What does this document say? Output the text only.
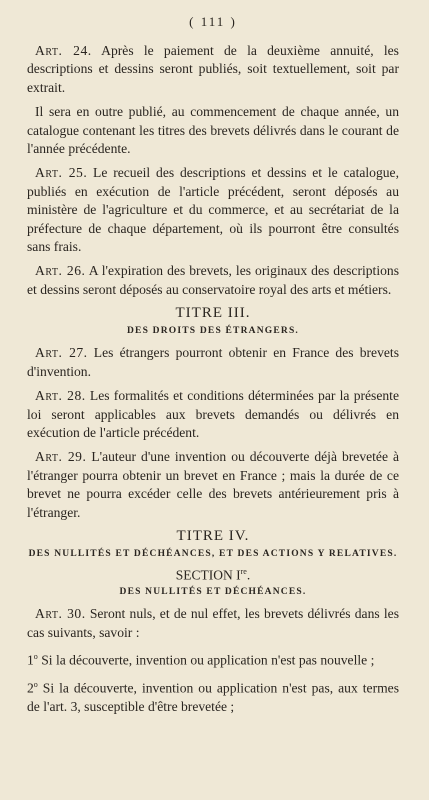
( 111 )

Art. 24. Après le paiement de la deuxième annuité, les descriptions et dessins seront publiés, soit textuellement, soit par extrait.

Il sera en outre publié, au commencement de chaque année, un catalogue contenant les titres des brevets délivrés dans le courant de l'année précédente.

Art. 25. Le recueil des descriptions et dessins et le catalogue, publiés en exécution de l'article précédent, seront déposés au ministère de l'agriculture et du commerce, et au secrétariat de la préfecture de chaque département, où ils pourront être consultés sans frais.

Art. 26. A l'expiration des brevets, les originaux des descriptions et dessins seront déposés au conservatoire royal des arts et métiers.

TITRE III.
DES DROITS DES ÉTRANGERS.

Art. 27. Les étrangers pourront obtenir en France des brevets d'invention.

Art. 28. Les formalités et conditions déterminées par la présente loi seront applicables aux brevets demandés ou délivrés en exécution de l'article précédent.

Art. 29. L'auteur d'une invention ou découverte déjà brevetée à l'étranger pourra obtenir un brevet en France ; mais la durée de ce brevet ne pourra excéder celle des brevets antérieurement pris à l'étranger.

TITRE IV.
DES NULLITÉS ET DÉCHÉANCES, ET DES ACTIONS Y RELATIVES.
SECTION Ire.
DES NULLITÉS ET DÉCHÉANCES.

Art. 30. Seront nuls, et de nul effet, les brevets délivrés dans les cas suivants, savoir :

1$^o$ Si la découverte, invention ou application n'est pas nouvelle ;

2$^o$ Si la découverte, invention ou application n'est pas, aux termes de l'art. 3, susceptible d'être brevetée ;
